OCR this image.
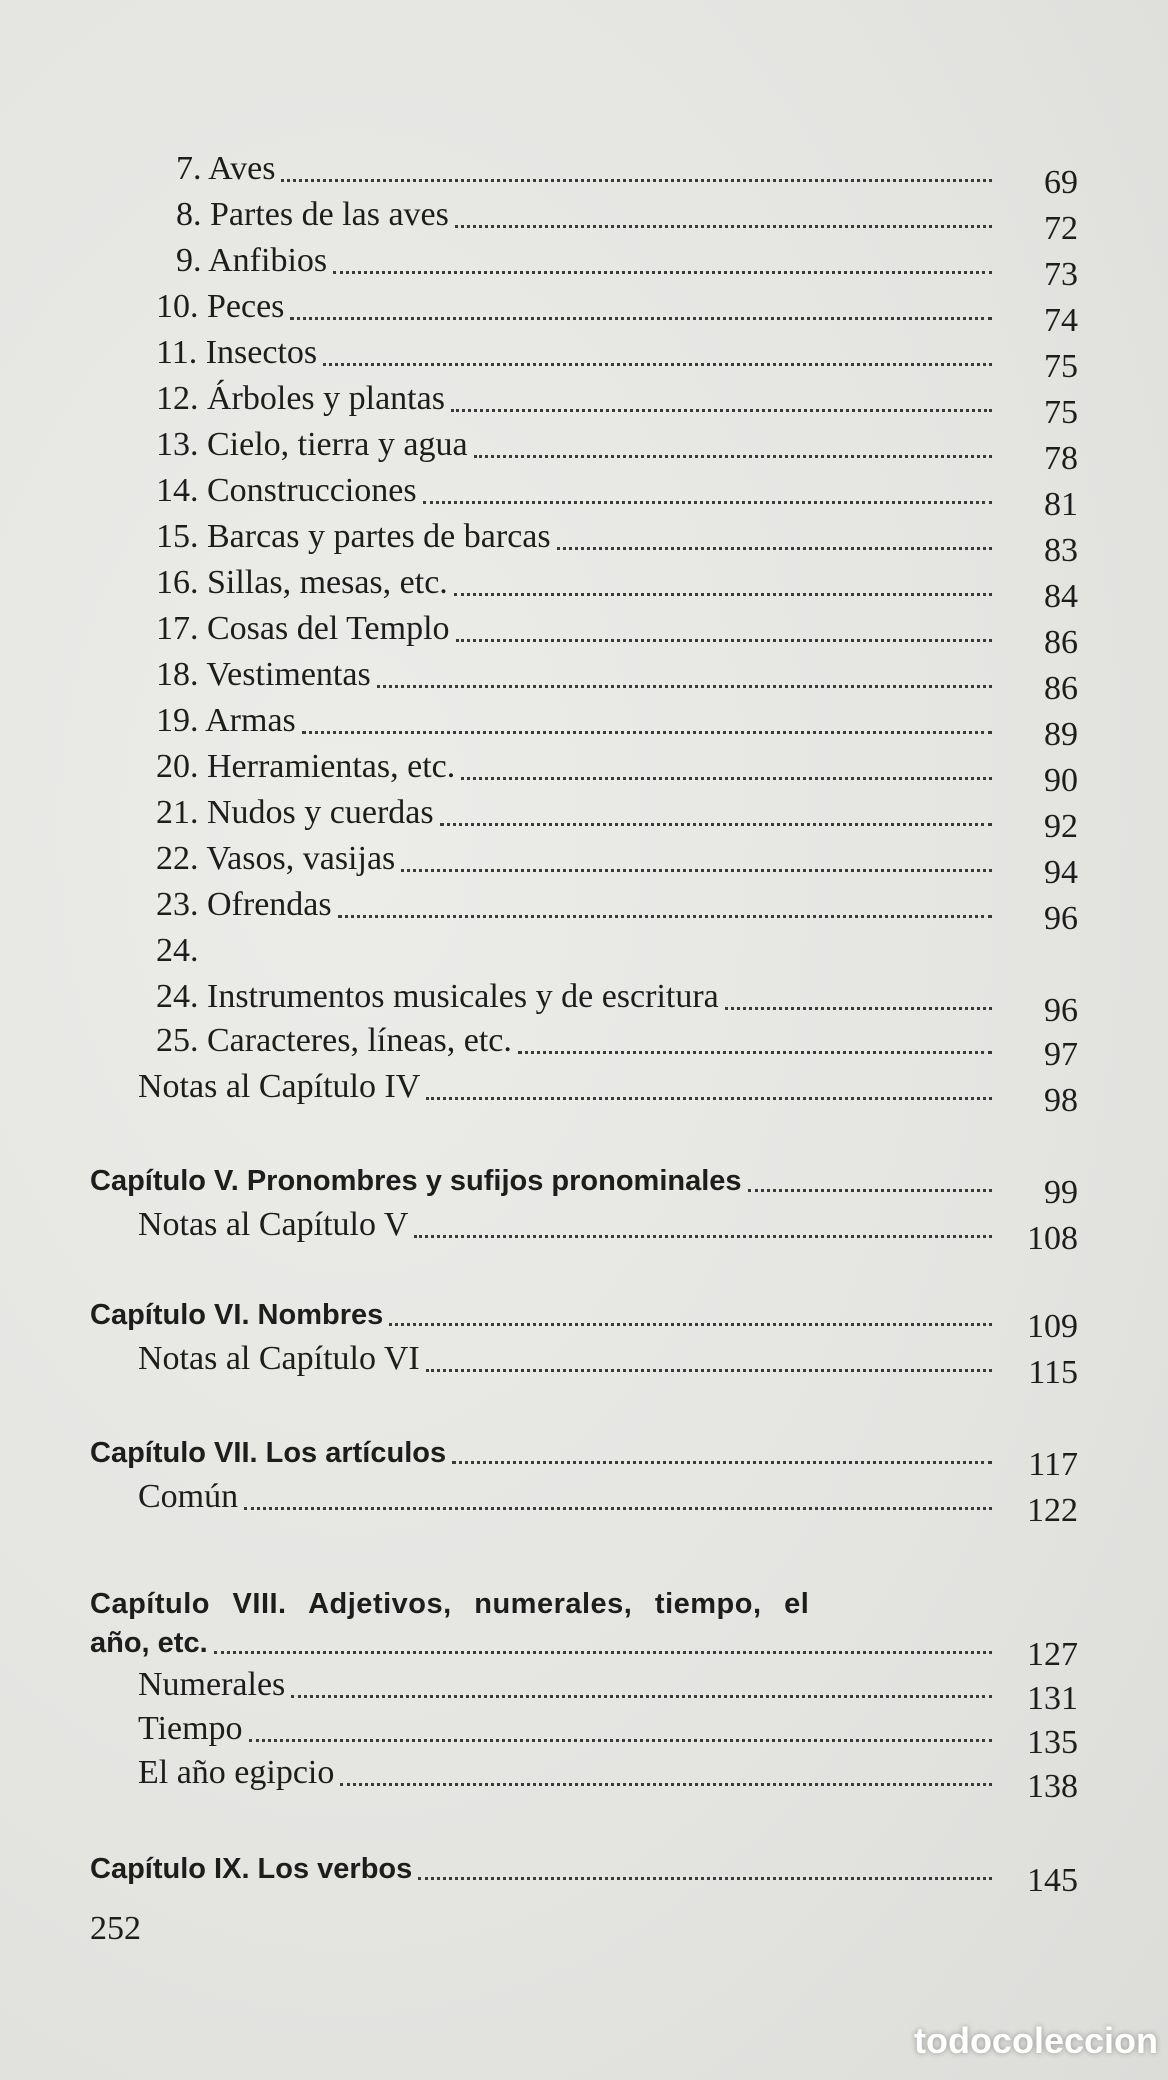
7. Aves	69
8. Partes de las aves	72
9. Anfibios	73
10. Peces	74
11. Insectos	75
12. Árboles y plantas	75
13. Cielo, tierra y agua	78
14. Construcciones	81
15. Barcas y partes de barcas	83
16. Sillas, mesas, etc.	84
17. Cosas del Templo	86
18. Vestimentas	86
19. Armas	89
20. Herramientas, etc.	90
21. Nudos y cuerdas	92
22. Vasos, vasijas	94
23. Ofrendas	96
24.
24. Instrumentos musicales y de escritura	96
25. Caracteres, líneas, etc.	97
Notas al Capítulo IV	98
Capítulo V. Pronombres y sufijos pronominales	99
Notas al Capítulo V	108
Capítulo VI. Nombres	109
Notas al Capítulo VI	115
Capítulo VII. Los artículos	117
Común	122
Capítulo VIII. Adjetivos, numerales, tiempo, el
año, etc.	127
Numerales	131
Tiempo	135
El año egipcio	138
Capítulo IX. Los verbos	145
252
todocoleccion
